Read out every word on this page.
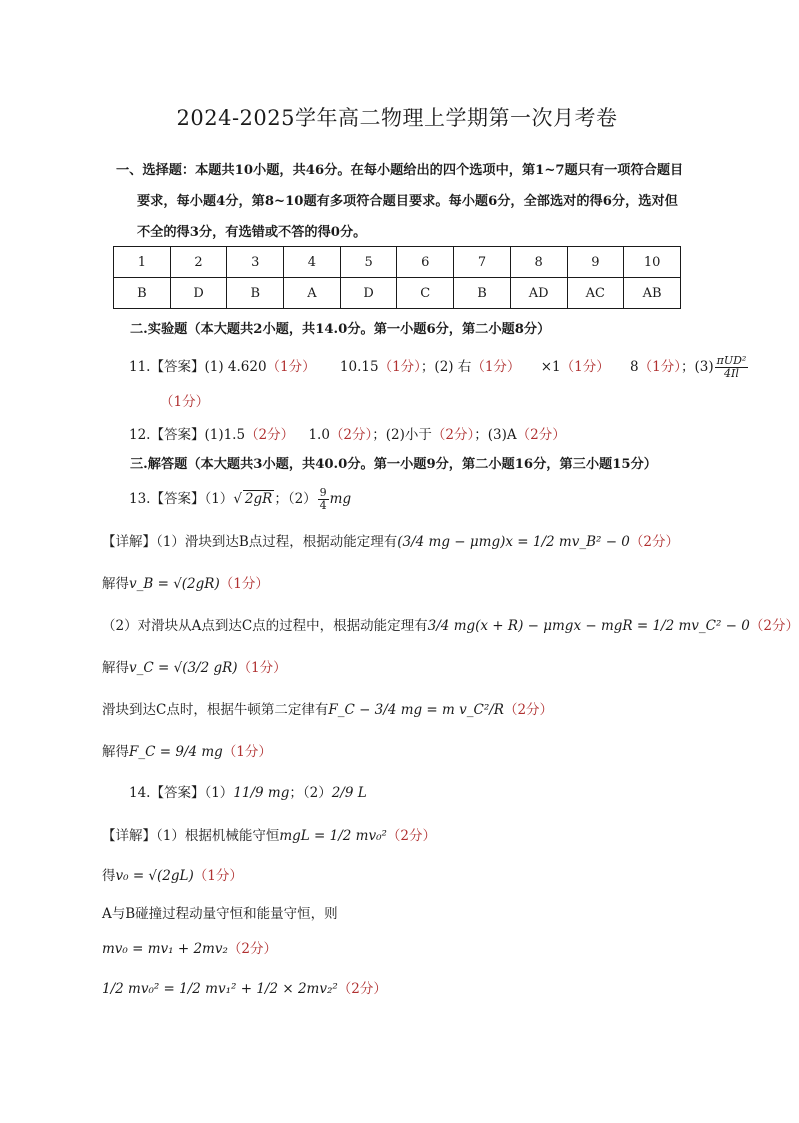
2024-2025学年高二物理上学期第一次月考卷
一、选择题：本题共10小题，共46分。在每小题给出的四个选项中，第1~7题只有一项符合题目
要求，每小题4分，第8~10题有多项符合题目要求。每小题6分，全部选对的得6分，选对但
不全的得3分，有选错或不答的得0分。
1	2	3	4	5	6	7	8	9	10
B	D	B	A	D	C	B	AD	AC	AB
二.实验题（本大题共2小题，共14.0分。第一小题6分，第二小题8分）
11.【答案】(1) 4.620（1分） 10.15（1分）；(2) 右（1分） ×1（1分） 8（1分）；$(3) \frac{\text{πUD²}}{4Il}$
（1分）
12.【答案】(1)1.5（2分） 1.0（2分）；(2)小于（2分）；(3)A（2分）
三.解答题（本大题共3小题，共40.0分。第一小题9分，第二小题16分，第三小题15分）
13.【答案】（1）√ 2gR ；$(2) \frac{9}{4}$ mg
【详解】（1）滑块到达B点过程，根据动能定理有(3/4 mg − μmg)x = 1/2 mv_B² − 0（2分）
解得v_B = √(2gR)（1分）
（2）对滑块从A点到达C点的过程中，根据动能定理有3/4 mg(x + R) − μmgx − mgR = 1/2 mv_C² − 0（2分）
解得v_C = √(3/2 gR)（1分）
滑块到达C点时，根据牛顿第二定律有F_C − 3/4 mg = m v_C²/R（2分）
解得F_C = 9/4 mg（1分）
14.【答案】（1）11/9 mg；（2）2/9 L
【详解】（1）根据机械能守恒mgL = 1/2 mv₀²（2分）
得v₀ = √(2gL)（1分）
A与B碰撞过程动量守恒和能量守恒，则
mv₀ = mv₁ + 2mv₂（2分）
1/2 mv₀² = 1/2 mv₁² + 1/2 × 2mv₂²（2分）
